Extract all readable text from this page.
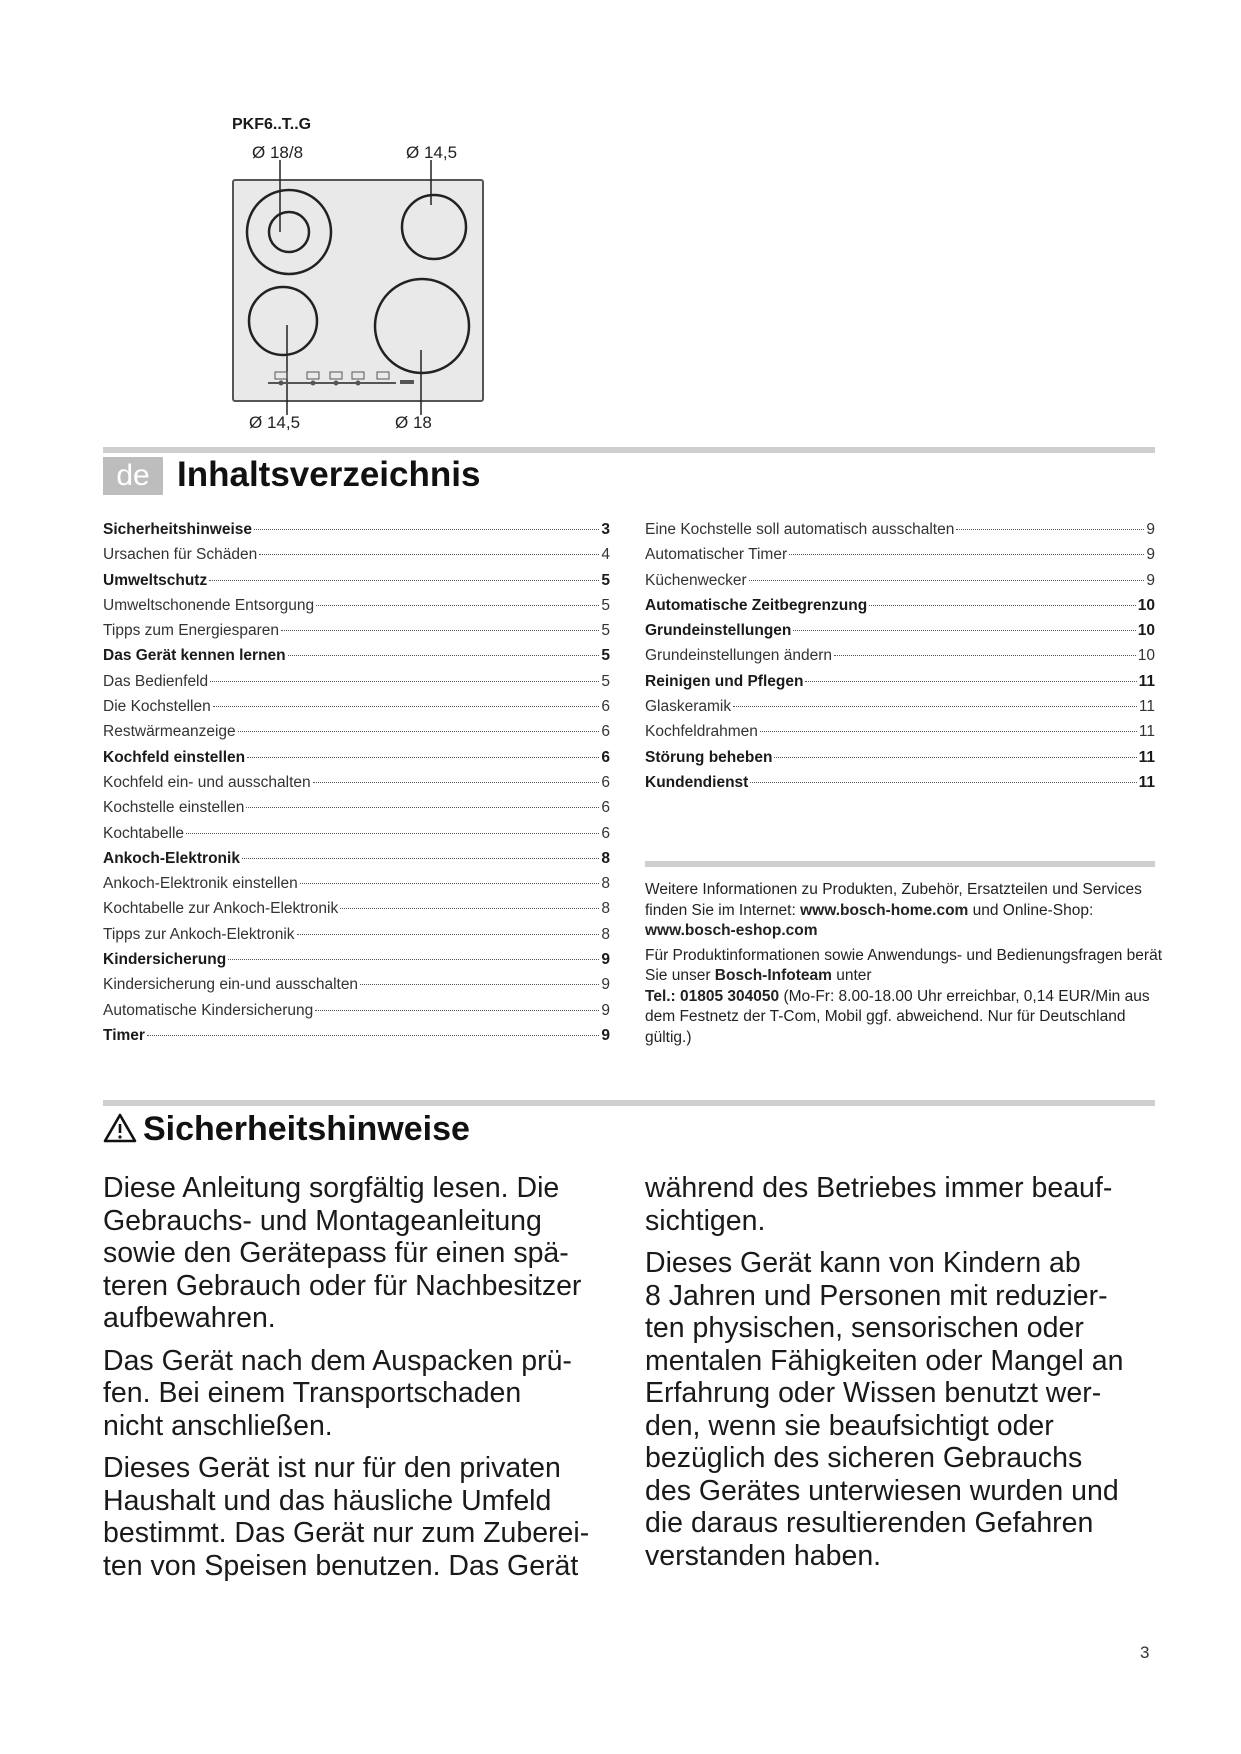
PKF6..T..G
Ø 18/8	Ø 14,5
Ø 14,5	Ø 18
de Inhaltsverzeichnis
Sicherheitshinweise	3
Ursachen für Schäden	4
Umweltschutz	5
Umweltschonende Entsorgung	5
Tipps zum Energiesparen	5
Das Gerät kennen lernen	5
Das Bedienfeld	5
Die Kochstellen	6
Restwärmeanzeige	6
Kochfeld einstellen	6
Kochfeld ein- und ausschalten	6
Kochstelle einstellen	6
Kochtabelle	6
Ankoch-Elektronik	8
Ankoch-Elektronik einstellen	8
Kochtabelle zur Ankoch-Elektronik	8
Tipps zur Ankoch-Elektronik	8
Kindersicherung	9
Kindersicherung ein-und ausschalten	9
Automatische Kindersicherung	9
Timer	9
Eine Kochstelle soll automatisch ausschalten	9
Automatischer Timer	9
Küchenwecker	9
Automatische Zeitbegrenzung	10
Grundeinstellungen	10
Grundeinstellungen ändern	10
Reinigen und Pflegen	11
Glaskeramik	11
Kochfeldrahmen	11
Störung beheben	11
Kundendienst	11

Weitere Informationen zu Produkten, Zubehör, Ersatzteilen und Services finden Sie im Internet: www.bosch-home.com und Online-Shop: www.bosch-eshop.com

Für Produktinformationen sowie Anwendungs- und Bedienungsfragen berät Sie unser Bosch-Infoteam unter
Tel.: 01805 304050 (Mo-Fr: 8.00-18.00 Uhr erreichbar, 0,14 EUR/Min aus dem Festnetz der T-Com, Mobil ggf. abweichend. Nur für Deutschland gültig.)

Sicherheitshinweise

Diese Anleitung sorgfältig lesen. Die
Gebrauchs- und Montageanleitung
sowie den Gerätepass für einen spä-
teren Gebrauch oder für Nachbesitzer
aufbewahren.

Das Gerät nach dem Auspacken prü-
fen. Bei einem Transportschaden
nicht anschließen.

Dieses Gerät ist nur für den privaten
Haushalt und das häusliche Umfeld
bestimmt. Das Gerät nur zum Zuberei-
ten von Speisen benutzen. Das Gerät

während des Betriebes immer beauf-
sichtigen.

Dieses Gerät kann von Kindern ab
8 Jahren und Personen mit reduzier-
ten physischen, sensorischen oder
mentalen Fähigkeiten oder Mangel an
Erfahrung oder Wissen benutzt wer-
den, wenn sie beaufsichtigt oder
bezüglich des sicheren Gebrauchs
des Gerätes unterwiesen wurden und
die daraus resultierenden Gefahren
verstanden haben.

3
